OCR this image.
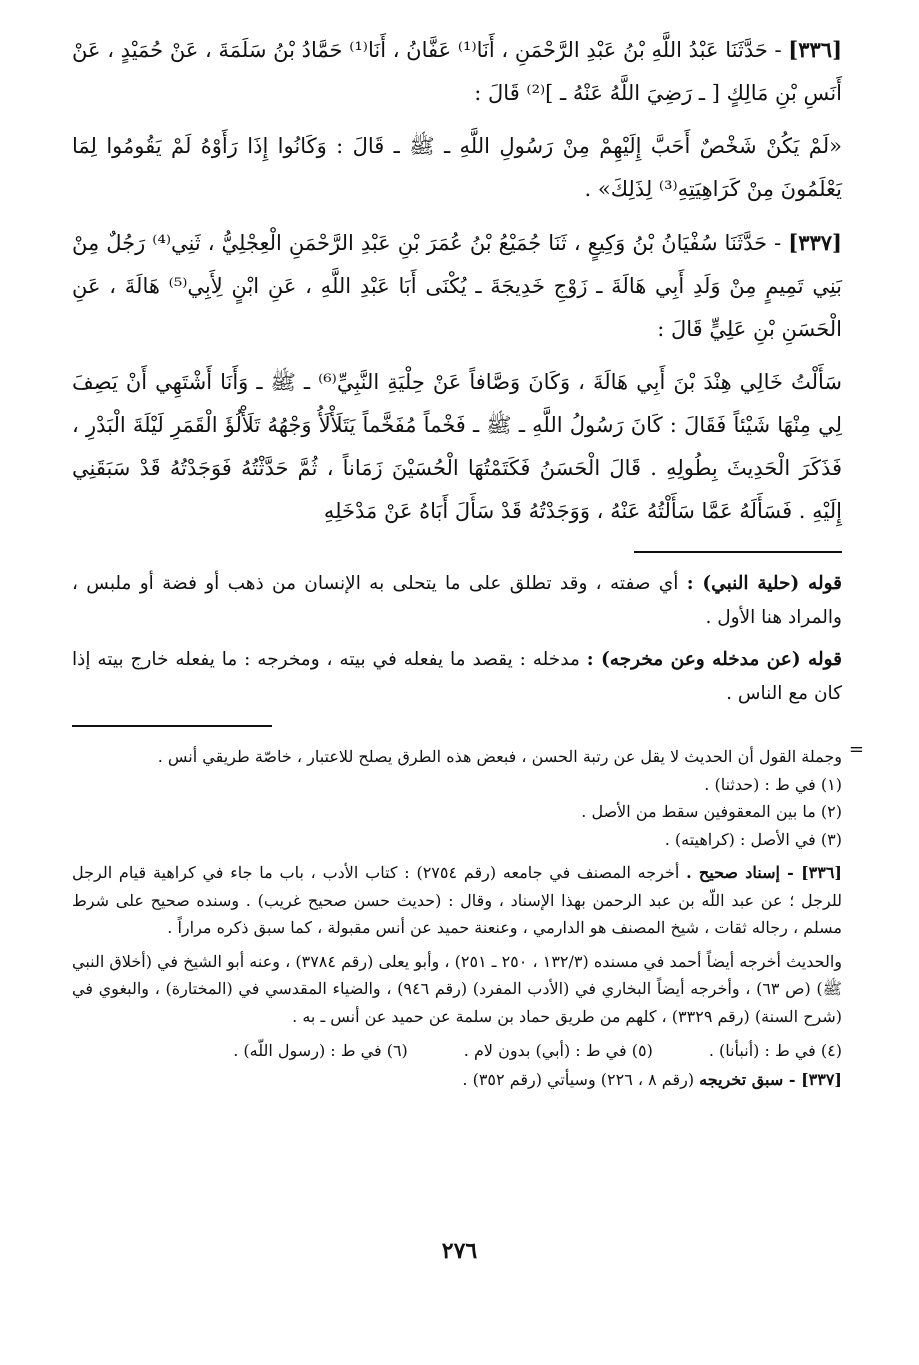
[٣٣٦] - حَدَّثَنَا عَبْدُ اللَّهِ بْنُ عَبْدِ الرَّحْمَنِ ، أَنَا⁽¹⁾ عَفَّانُ ، أَنَا⁽¹⁾ حَمَّادُ بْنُ سَلَمَةَ ، عَنْ حُمَيْدٍ ، عَنْ أَنَسِ بْنِ مَالِكٍ [ ـ رَضِيَ اللَّهُ عَنْهُ ـ ]⁽²⁾ قَالَ :

«لَمْ يَكُنْ شَخْصٌ أَحَبَّ إِلَيْهِمْ مِنْ رَسُولِ اللَّهِ ـ ﷺ ـ قَالَ : وَكَانُوا إِذَا رَأَوْهُ لَمْ يَقُومُوا لِمَا يَعْلَمُونَ مِنْ كَرَاهِيَتِهِ⁽³⁾ لِذَلِكَ» .

[٣٣٧] - حَدَّثَنَا سُفْيَانُ بْنُ وَكِيعٍ ، ثَنَا جُمَيْعُ بْنُ عُمَرَ بْنِ عَبْدِ الرَّحْمَنِ الْعِجْلِيُّ ، ثَنِي⁽⁴⁾ رَجُلٌ مِنْ بَنِي تَمِيمٍ مِنْ وَلَدِ أَبِي هَالَةَ ـ زَوْجِ خَدِيجَةَ ـ يُكْنَى أَبَا عَبْدِ اللَّهِ ، عَنِ ابْنٍ لِأَبِي⁽⁵⁾ هَالَةَ ، عَنِ الْحَسَنِ بْنِ عَلِيٍّ قَالَ :

سَأَلْتُ خَالِي هِنْدَ بْنَ أَبِي هَالَةَ ، وَكَانَ وَصَّافاً عَنْ حِلْيَةِ النَّبِيِّ⁽⁶⁾ ـ ﷺ ـ وَأَنَا أَشْتَهِي أَنْ يَصِفَ لِي مِنْهَا شَيْئاً فَقَالَ : كَانَ رَسُولُ اللَّهِ ـ ﷺ ـ فَخْماً مُفَخَّماً يَتَلَأْلَأُ وَجْهُهُ تَلَأْلُؤَ الْقَمَرِ لَيْلَةَ الْبَدْرِ ، فَذَكَرَ الْحَدِيثَ بِطُولِهِ . قَالَ الْحَسَنُ فَكَتَمْتُهَا الْحُسَيْنَ زَمَاناً ، ثُمَّ حَدَّثْتُهُ فَوَجَدْتُهُ قَدْ سَبَقَنِي إِلَيْهِ . فَسَأَلَهُ عَمَّا سَأَلْتُهُ عَنْهُ ، وَوَجَدْتُهُ قَدْ سَأَلَ أَبَاهُ عَنْ مَدْخَلِهِ

قوله (حلية النبي) : أي صفته ، وقد تطلق على ما يتحلى به الإنسان من ذهب أو فضة أو ملبس ، والمراد هنا الأول .

قوله (عن مدخله وعن مخرجه) : مدخله : يقصد ما يفعله في بيته ، ومخرجه : ما يفعله خارج بيته إذا كان مع الناس .

=

وجملة القول أن الحديث لا يقل عن رتبة الحسن ، فبعض هذه الطرق يصلح للاعتبار ، خاصّة طريقي أنس .

(١) في ط : (حدثنا) .

(٢) ما بين المعقوفين سقط من الأصل .

(٣) في الأصل : (كراهيته) .

[٣٣٦] - إسناد صحيح . أخرجه المصنف في جامعه (رقم ٢٧٥٤) : كتاب الأدب ، باب ما جاء في كراهية قيام الرجل للرجل ؛ عن عبد اللّه بن عبد الرحمن بهذا الإسناد ، وقال : (حديث حسن صحيح غريب) . وسنده صحيح على شرط مسلم ، رجاله ثقات ، شيخ المصنف هو الدارمي ، وعنعنة حميد عن أنس مقبولة ، كما سبق ذكره مراراً .

والحديث أخرجه أيضاً أحمد في مسنده (١٣٢/٣ ، ٢٥٠ ـ ٢٥١) ، وأبو يعلى (رقم ٣٧٨٤) ، وعنه أبو الشيخ في (أخلاق النبي ﷺ) (ص ٦٣) ، وأخرجه أيضاً البخاري في (الأدب المفرد) (رقم ٩٤٦) ، والضياء المقدسي في (المختارة) ، والبغوي في (شرح السنة) (رقم ٣٣٢٩) ، كلهم من طريق حماد بن سلمة عن حميد عن أنس ـ به .

(٤) في ط : (أنبأنا) .
(٥) في ط : (أبي) بدون لام .
(٦) في ط : (رسول اللّه) .

[٣٣٧] - سبق تخريجه (رقم ٨ ، ٢٢٦) وسيأتي (رقم ٣٥٢) .

٢٧٦
